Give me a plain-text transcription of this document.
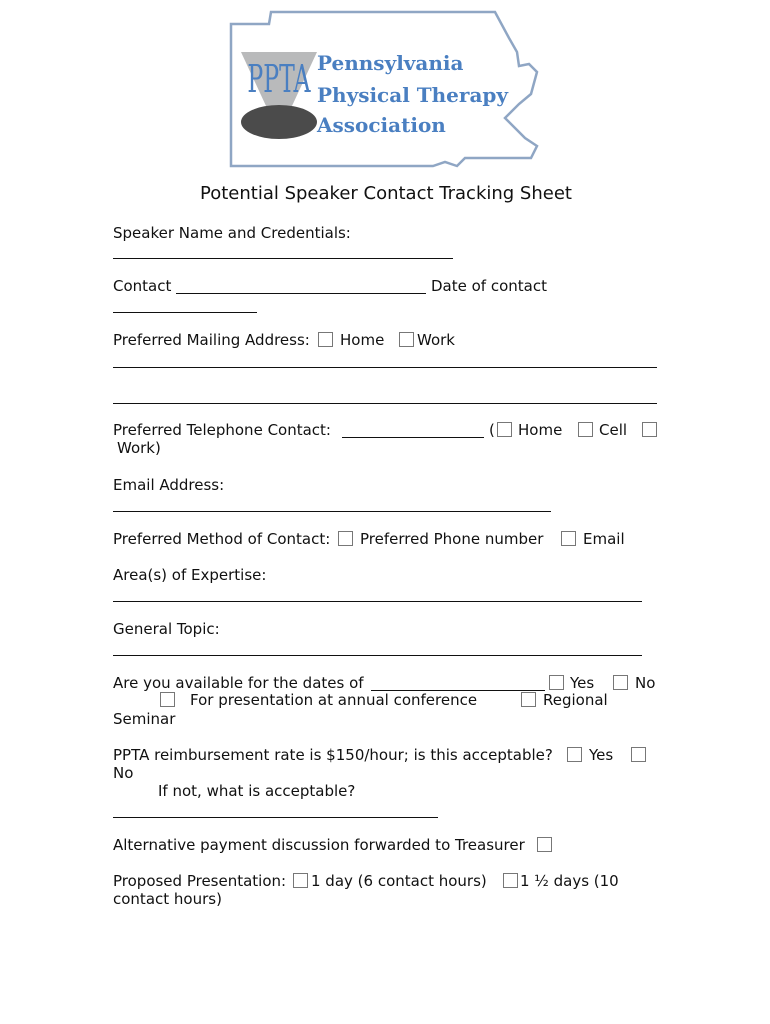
PPTA Pennsylvania
Physical Therapy
Association
Potential Speaker Contact Tracking Sheet
Speaker Name and Credentials:
Contact	Date of contact
Preferred Mailing Address: Home Work
Preferred Telephone Contact:	( Home Cell
Work)
Email Address:
Preferred Method of Contact: Preferred Phone number	Email
Area(s) of Expertise:
General Topic:
Are you available for the dates of	Yes	No
For presentation at annual conference	Regional
Seminar
PPTA reimbursement rate is $150/hour; is this acceptable? Yes
No
If not, what is acceptable?
Alternative payment discussion forwarded to Treasurer
Proposed Presentation: 1 day (6 contact hours) 1 ½ days (10
contact hours)
